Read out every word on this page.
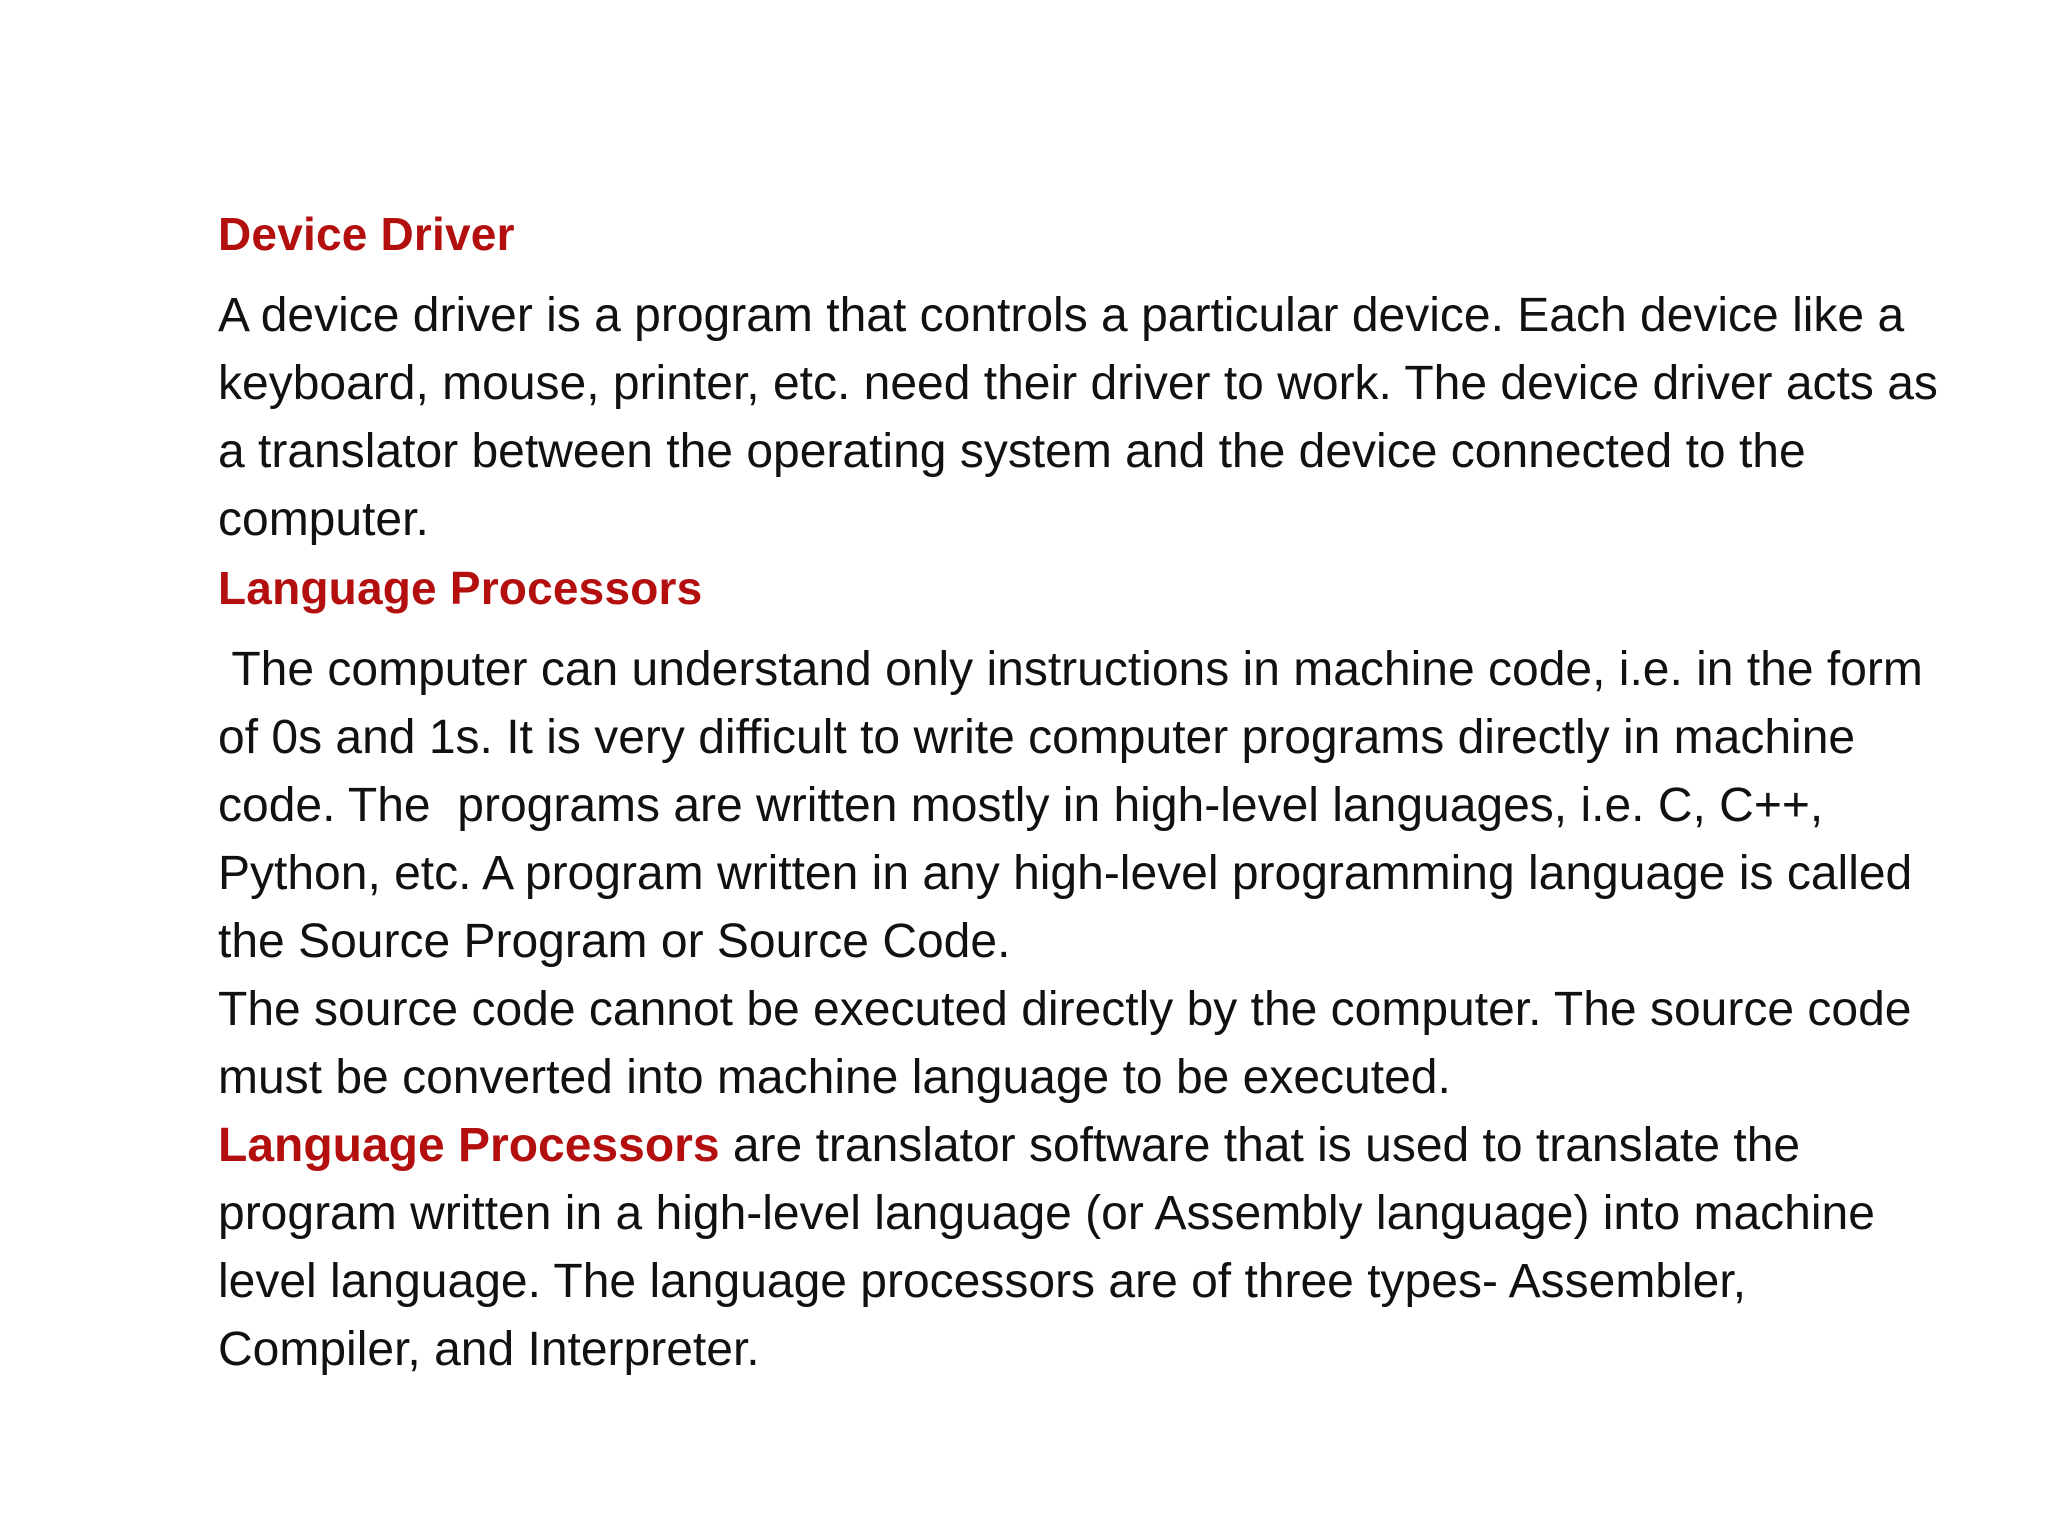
Device Driver

A device driver is a program that controls a particular device. Each device like a keyboard, mouse, printer, etc. need their driver to work. The device driver acts as a translator between the operating system and the device connected to the computer.

Language Processors

The computer can understand only instructions in machine code, i.e. in the form of 0s and 1s. It is very difficult to write computer programs directly in machine code. The  programs are written mostly in high-level languages, i.e. C, C++, Python, etc. A program written in any high-level programming language is called the Source Program or Source Code.

The source code cannot be executed directly by the computer. The source code must be converted into machine language to be executed.

Language Processors are translator software that is used to translate the program written in a high-level language (or Assembly language) into machine level language. The language processors are of three types- Assembler, Compiler, and Interpreter.
